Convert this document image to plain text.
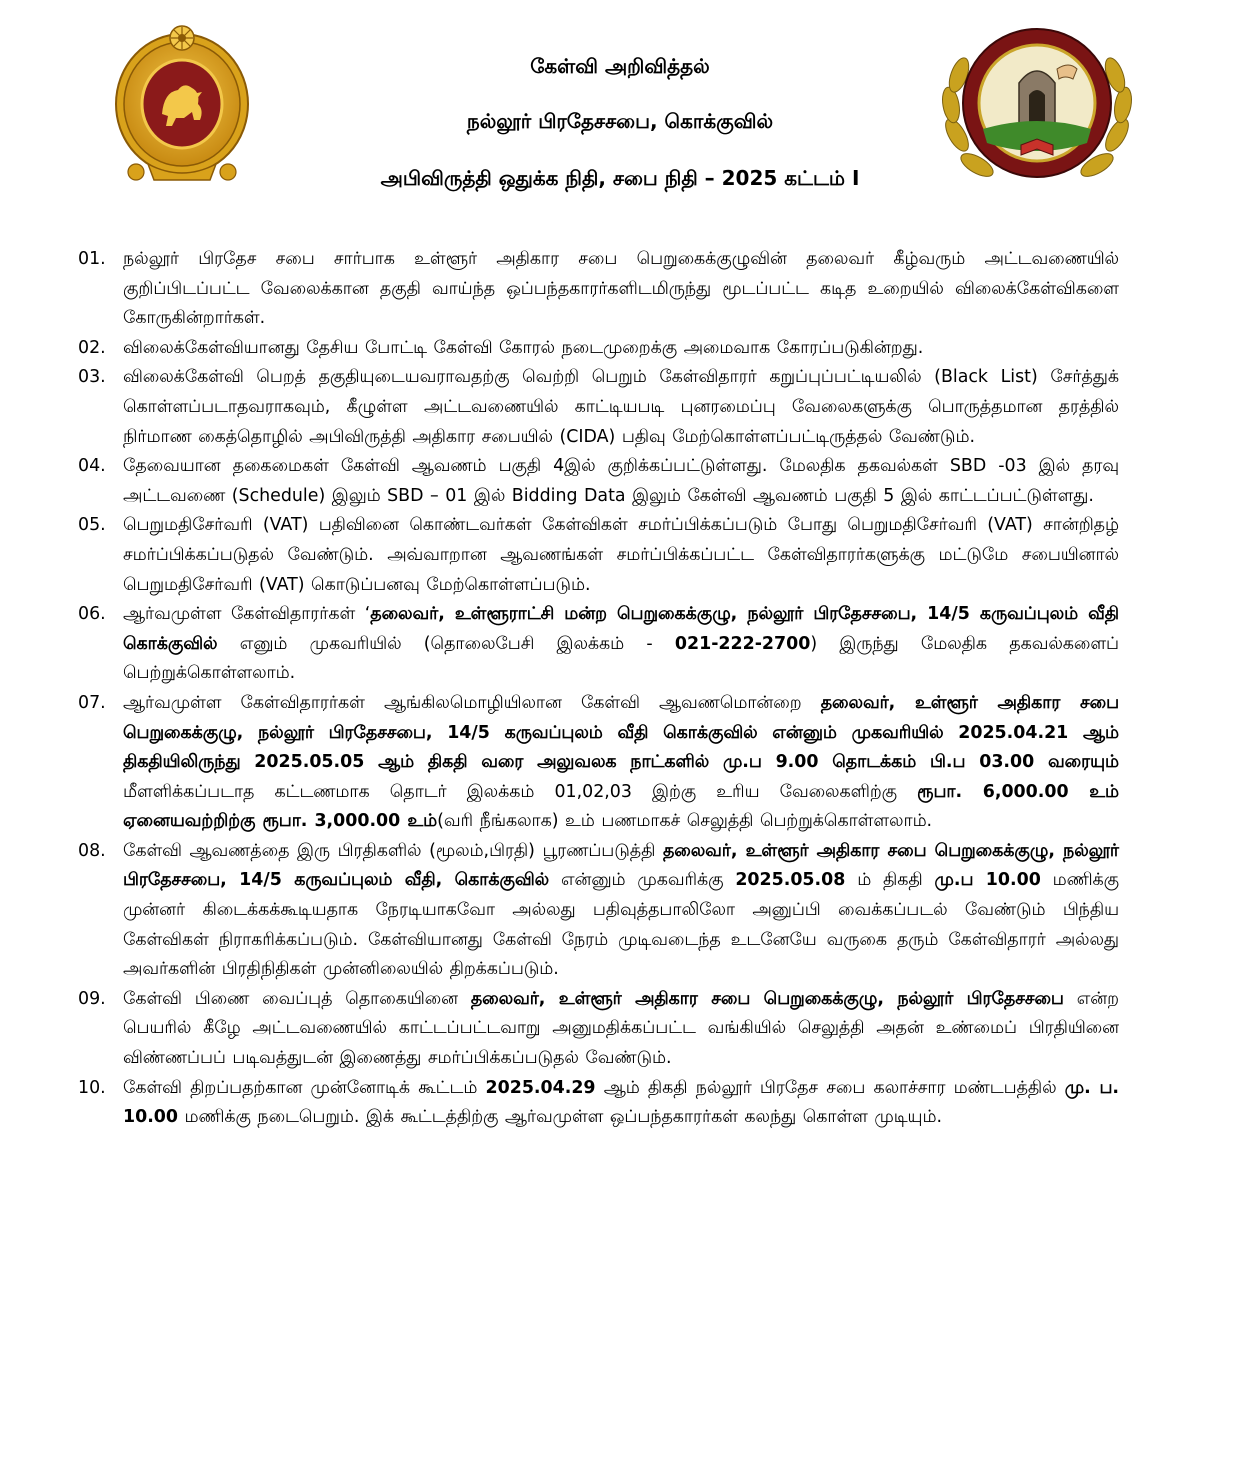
கேள்வி அறிவித்தல்
நல்லூர் பிரதேசசபை, கொக்குவில்
அபிவிருத்தி ஒதுக்க நிதி, சபை நிதி – 2025 கட்டம் I
01. நல்லூர் பிரதேச சபை சார்பாக உள்ளூர் அதிகார சபை பெறுகைக்குழுவின் தலைவர் கீழ்வரும் அட்டவணையில் குறிப்பிடப்பட்ட வேலைக்கான தகுதி வாய்ந்த ஒப்பந்தகாரர்களிடமிருந்து மூடப்பட்ட கடித உறையில் விலைக்கேள்விகளை கோருகின்றார்கள்.
02. விலைக்கேள்வியானது தேசிய போட்டி கேள்வி கோரல் நடைமுறைக்கு அமைவாக கோரப்படுகின்றது.
03. விலைக்கேள்வி பெறத் தகுதியுடையவராவதற்கு வெற்றி பெறும் கேள்விதாரர் கறுப்புப்பட்டியலில் (Black List) சேர்த்துக் கொள்ளப்படாதவராகவும், கீழுள்ள அட்டவணையில் காட்டியபடி புனரமைப்பு வேலைகளுக்கு பொருத்தமான தரத்தில் நிர்மாண கைத்தொழில் அபிவிருத்தி அதிகார சபையில் (CIDA) பதிவு மேற்கொள்ளப்பட்டிருத்தல் வேண்டும்.
04. தேவையான தகைமைகள் கேள்வி ஆவணம் பகுதி 4இல் குறிக்கப்பட்டுள்ளது. மேலதிக தகவல்கள் SBD -03 இல் தரவு அட்டவணை (Schedule) இலும் SBD – 01 இல் Bidding Data இலும் கேள்வி ஆவணம் பகுதி 5 இல் காட்டப்பட்டுள்ளது.
05. பெறுமதிசேர்வரி (VAT) பதிவினை கொண்டவர்கள் கேள்விகள் சமர்ப்பிக்கப்படும் போது பெறுமதிசேர்வரி (VAT) சான்றிதழ் சமர்ப்பிக்கப்படுதல் வேண்டும். அவ்வாறான ஆவணங்கள் சமர்ப்பிக்கப்பட்ட கேள்விதாரர்களுக்கு மட்டுமே சபையினால் பெறுமதிசேர்வரி (VAT) கொடுப்பனவு மேற்கொள்ளப்படும்.
06. ஆர்வமுள்ள கேள்விதாரர்கள் ‘தலைவர், உள்ளூராட்சி மன்ற பெறுகைக்குழு, நல்லூர் பிரதேசசபை, 14/5 கருவப்புலம் வீதி கொக்குவில் எனும் முகவரியில் (தொலைபேசி இலக்கம் - 021-222-2700) இருந்து மேலதிக தகவல்களைப் பெற்றுக்கொள்ளலாம்.
07. ஆர்வமுள்ள கேள்விதாரர்கள் ஆங்கிலமொழியிலான கேள்வி ஆவணமொன்றை தலைவர், உள்ளூர் அதிகார சபை பெறுகைக்குழு, நல்லூர் பிரதேசசபை, 14/5 கருவப்புலம் வீதி கொக்குவில் என்னும் முகவரியில் 2025.04.21 ஆம் திகதியிலிருந்து 2025.05.05 ஆம் திகதி வரை அலுவலக நாட்களில் மு.ப 9.00 தொடக்கம் பி.ப 03.00 வரையும் மீளளிக்கப்படாத கட்டணமாக தொடர் இலக்கம் 01,02,03 இற்கு உரிய வேலைகளிற்கு ரூபா. 6,000.00 உம் ஏனையவற்றிற்கு ரூபா. 3,000.00 உம்(வரி நீங்கலாக) உம் பணமாகச் செலுத்தி பெற்றுக்கொள்ளலாம்.
08. கேள்வி ஆவணத்தை இரு பிரதிகளில் (மூலம்,பிரதி) பூரணப்படுத்தி தலைவர், உள்ளூர் அதிகார சபை பெறுகைக்குழு, நல்லூர் பிரதேசசபை, 14/5 கருவப்புலம் வீதி, கொக்குவில் என்னும் முகவரிக்கு 2025.05.08 ம் திகதி மு.ப 10.00 மணிக்கு முன்னர் கிடைக்கக்கூடியதாக நேரடியாகவோ அல்லது பதிவுத்தபாலிலோ அனுப்பி வைக்கப்படல் வேண்டும் பிந்திய கேள்விகள் நிராகரிக்கப்படும். கேள்வியானது கேள்வி நேரம் முடிவடைந்த உடனேயே வருகை தரும் கேள்விதாரர் அல்லது அவர்களின் பிரதிநிதிகள் முன்னிலையில் திறக்கப்படும்.
09. கேள்வி பிணை வைப்புத் தொகையினை தலைவர், உள்ளூர் அதிகார சபை பெறுகைக்குழு, நல்லூர் பிரதேசசபை என்ற பெயரில் கீழே அட்டவணையில் காட்டப்பட்டவாறு அனுமதிக்கப்பட்ட வங்கியில் செலுத்தி அதன் உண்மைப் பிரதியினை விண்ணப்பப் படிவத்துடன் இணைத்து சமர்ப்பிக்கப்படுதல் வேண்டும்.
10. கேள்வி திறப்பதற்கான முன்னோடிக் கூட்டம் 2025.04.29 ஆம் திகதி நல்லூர் பிரதேச சபை கலாச்சார மண்டபத்தில் மு. ப. 10.00 மணிக்கு நடைபெறும். இக் கூட்டத்திற்கு ஆர்வமுள்ள ஒப்பந்தகாரர்கள் கலந்து கொள்ள முடியும்.
